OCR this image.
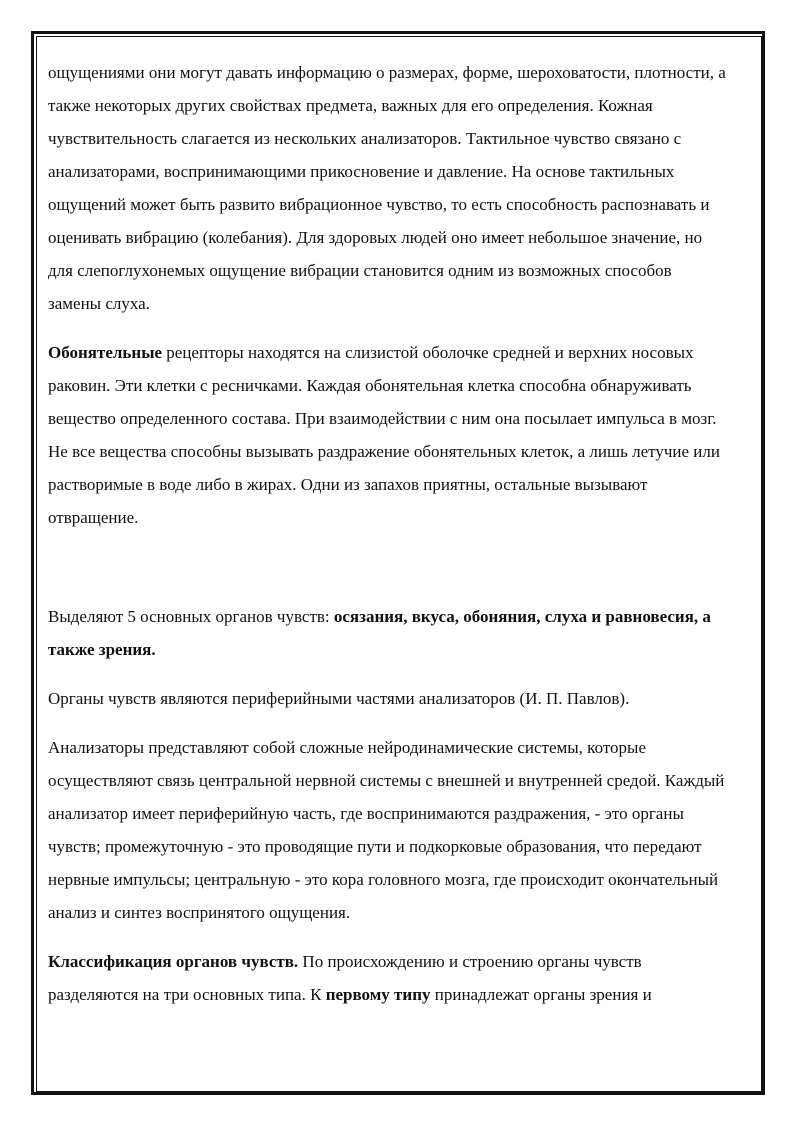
ощущениями они могут давать информацию о размерах, форме, шероховатости, плотности, а также некоторых других свойствах предмета, важных для его определения. Кожная чувствительность слагается из нескольких анализаторов. Тактильное чувство связано с анализаторами, воспринимающими прикосновение и давление. На основе тактильных ощущений может быть развито вибрационное чувство, то есть способность распознавать и оценивать вибрацию (колебания). Для здоровых людей оно имеет небольшое значение, но для слепоглухонемых ощущение вибрации становится одним из возможных способов замены слуха.

Обонятельные рецепторы находятся на слизистой оболочке средней и верхних носовых раковин. Эти клетки с ресничками. Каждая обонятельная клетка способна обнаруживать вещество определенного состава. При взаимодействии с ним она посылает импульса в мозг. Не все вещества способны вызывать раздражение обонятельных клеток, а лишь летучие или растворимые в воде либо в жирах. Одни из запахов приятны, остальные вызывают отвращение.

Выделяют 5 основных органов чувств: осязания, вкуса, обоняния, слуха и равновесия, а также зрения.

Органы чувств являются периферийными частями анализаторов (И. П. Павлов).

Анализаторы представляют собой сложные нейродинамические системы, которые осуществляют связь центральной нервной системы с внешней и внутренней средой. Каждый анализатор имеет периферийную часть, где воспринимаются раздражения, - это органы чувств; промежуточную - это проводящие пути и подкорковые образования, что передают нервные импульсы; центральную - это кора головного мозга, где происходит окончательный анализ и синтез воспринятого ощущения.

Классификация органов чувств. По происхождению и строению органы чувств разделяются на три основных типа. К первому типу принадлежат органы зрения и
